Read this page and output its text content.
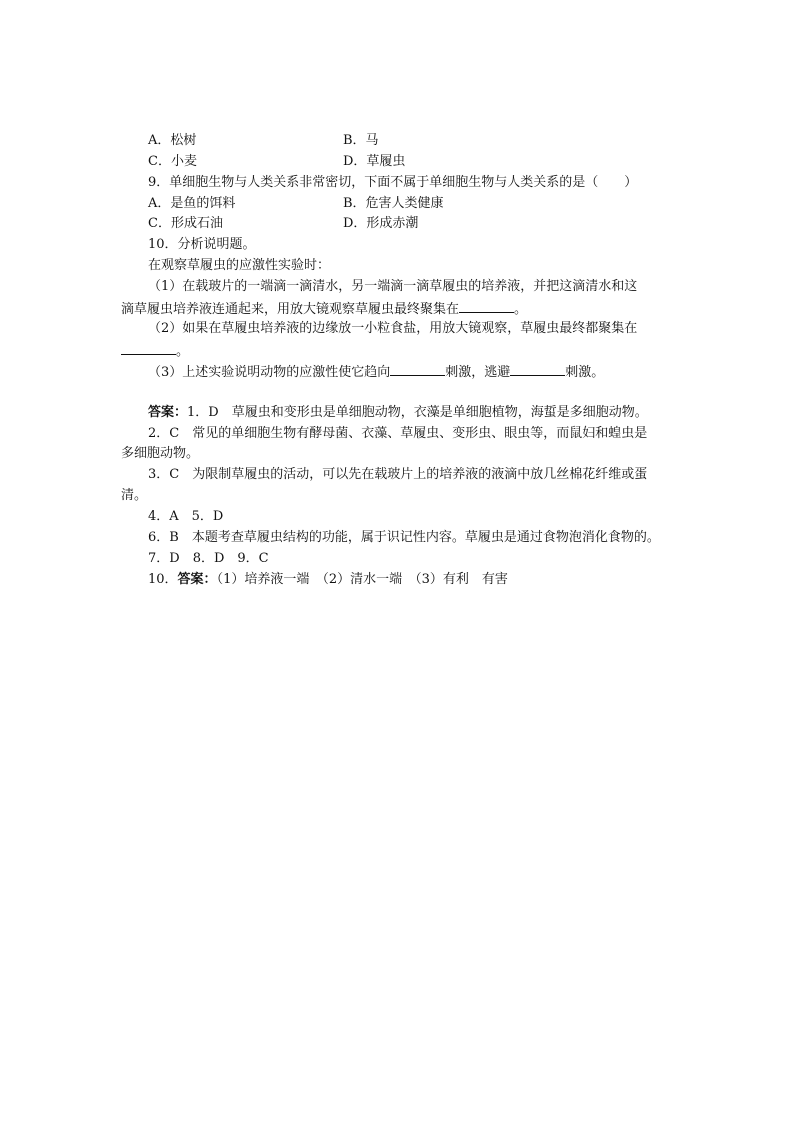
A．松树	B．马
C．小麦	D．草履虫
9．单细胞生物与人类关系非常密切，下面不属于单细胞生物与人类关系的是（　　）
A．是鱼的饵料	B．危害人类健康
C．形成石油	D．形成赤潮
10．分析说明题。
在观察草履虫的应激性实验时：
（1）在载玻片的一端滴一滴清水，另一端滴一滴草履虫的培养液，并把这滴清水和这
滴草履虫培养液连通起来，用放大镜观察草履虫最终聚集在	。
（2）如果在草履虫培养液的边缘放一小粒食盐，用放大镜观察，草履虫最终都聚集在
。
（3）上述实验说明动物的应激性使它趋向	刺激，逃避	刺激。
答案：1．D　草履虫和变形虫是单细胞动物，衣藻是单细胞植物，海蜇是多细胞动物。
2．C　常见的单细胞生物有酵母菌、衣藻、草履虫、变形虫、眼虫等，而鼠妇和蝗虫是
多细胞动物。
3．C　为限制草履虫的活动，可以先在载玻片上的培养液的液滴中放几丝棉花纤维或蛋
清。
4．A　5．D
6．B　本题考查草履虫结构的功能，属于识记性内容。草履虫是通过食物泡消化食物的。
7．D　8．D　9．C
10．答案：（1）培养液一端　（2）清水一端　（3）有利　有害
